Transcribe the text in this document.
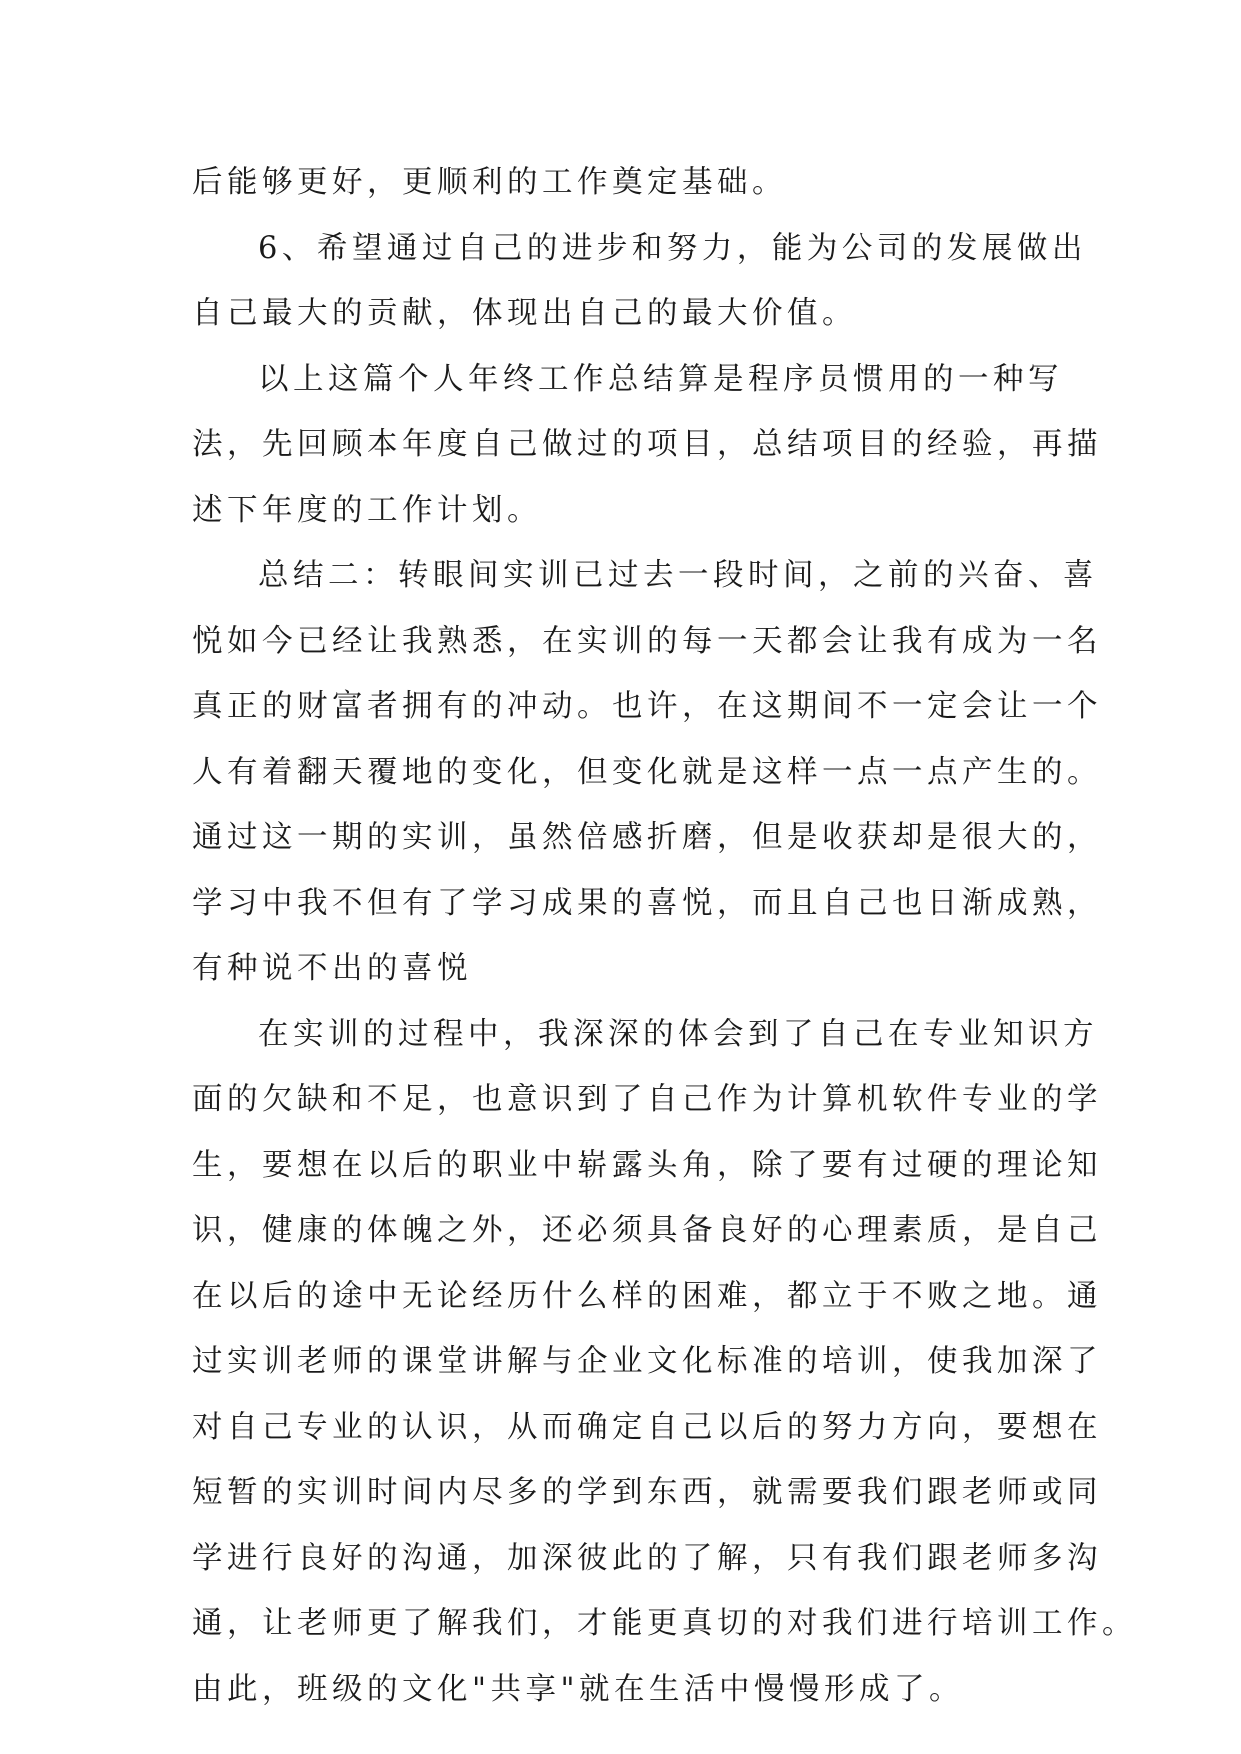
后能够更好，更顺利的工作奠定基础。
6、希望通过自己的进步和努力，能为公司的发展做出
自己最大的贡献，体现出自己的最大价值。
以上这篇个人年终工作总结算是程序员惯用的一种写
法，先回顾本年度自己做过的项目，总结项目的经验，再描
述下年度的工作计划。
总结二：转眼间实训已过去一段时间，之前的兴奋、喜
悦如今已经让我熟悉，在实训的每一天都会让我有成为一名
真正的财富者拥有的冲动。也许，在这期间不一定会让一个
人有着翻天覆地的变化，但变化就是这样一点一点产生的。
通过这一期的实训，虽然倍感折磨，但是收获却是很大的，
学习中我不但有了学习成果的喜悦，而且自己也日渐成熟，
有种说不出的喜悦
在实训的过程中，我深深的体会到了自己在专业知识方
面的欠缺和不足，也意识到了自己作为计算机软件专业的学
生，要想在以后的职业中崭露头角，除了要有过硬的理论知
识，健康的体魄之外，还必须具备良好的心理素质，是自己
在以后的途中无论经历什么样的困难，都立于不败之地。通
过实训老师的课堂讲解与企业文化标准的培训，使我加深了
对自己专业的认识，从而确定自己以后的努力方向，要想在
短暂的实训时间内尽多的学到东西，就需要我们跟老师或同
学进行良好的沟通，加深彼此的了解，只有我们跟老师多沟
通，让老师更了解我们，才能更真切的对我们进行培训工作。
由此，班级的文化"共享"就在生活中慢慢形成了。
